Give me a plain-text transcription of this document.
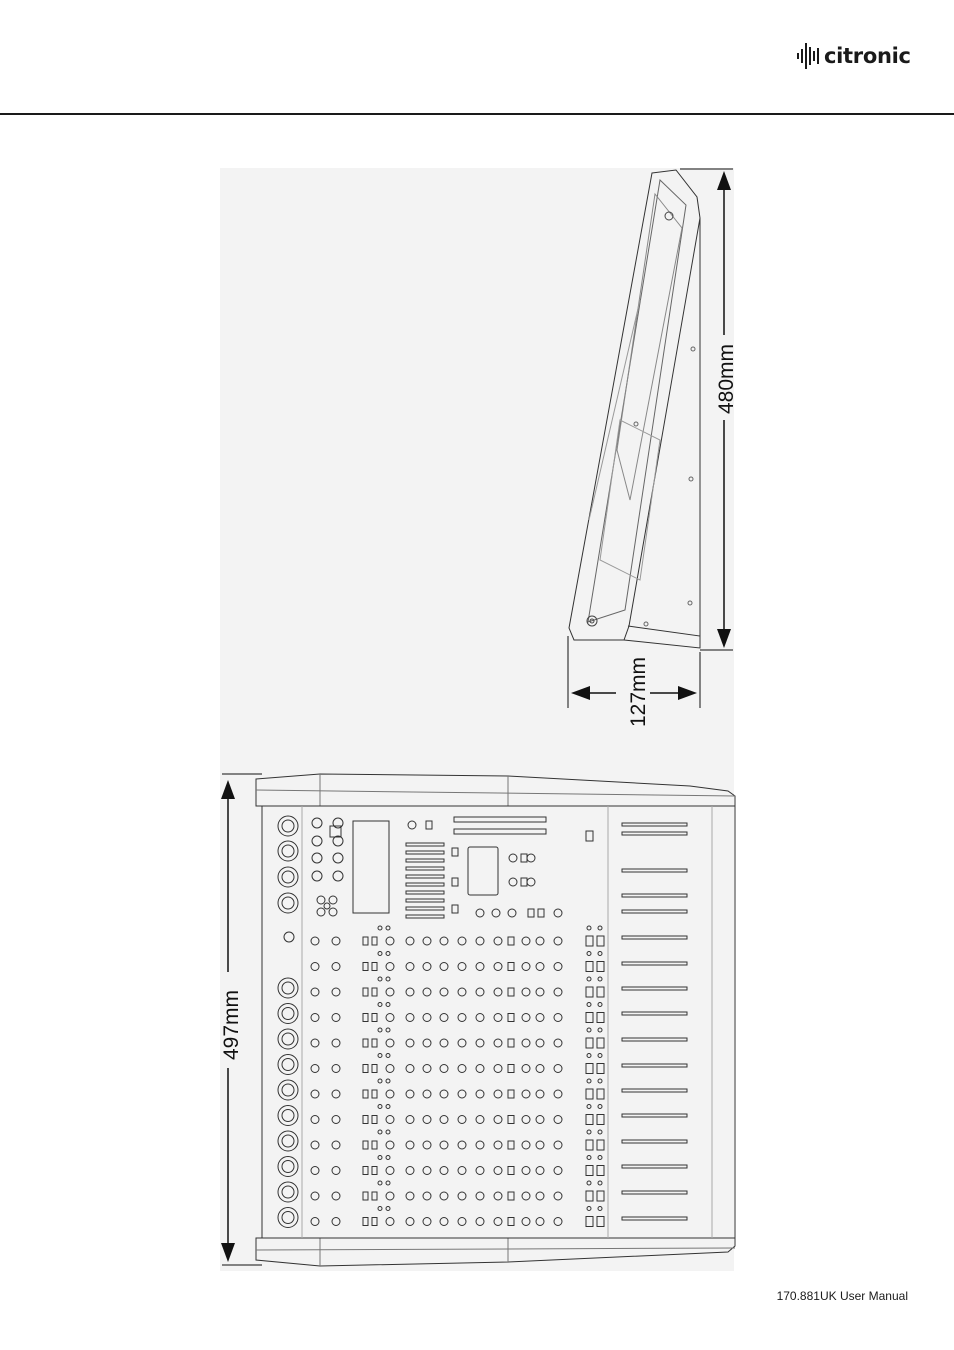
citronic
480mm
127mm
497mm
170.881UK User Manual
